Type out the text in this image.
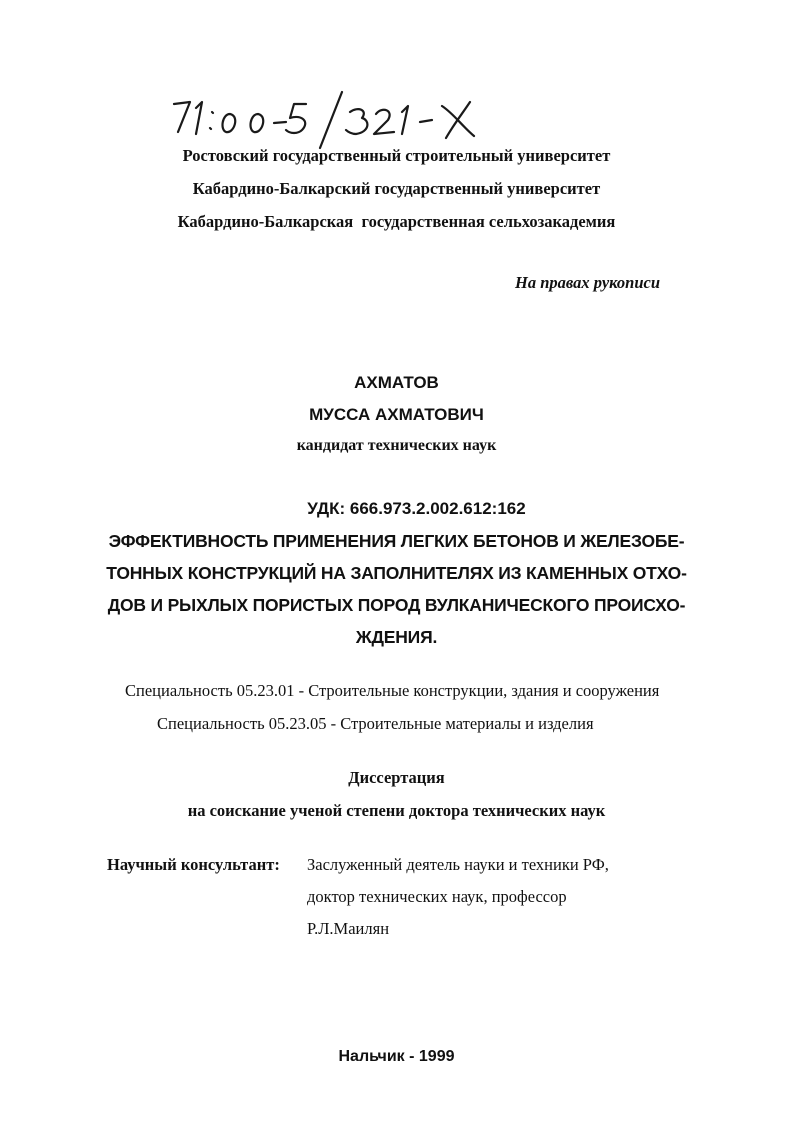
Ростовский государственный строительный университет
Кабардино-Балкарский государственный университет
Кабардино-Балкарская  государственная сельхозакадемия
На правах рукописи
АХМАТОВ
МУССА АХМАТОВИЧ
кандидат технических наук
УДК: 666.973.2.002.612:162
ЭФФЕКТИВНОСТЬ ПРИМЕНЕНИЯ ЛЕГКИХ БЕТОНОВ И ЖЕЛЕЗОБЕ-
ТОННЫХ КОНСТРУКЦИЙ НА ЗАПОЛНИТЕЛЯХ ИЗ КАМЕННЫХ ОТХО-
ДОВ И РЫХЛЫХ ПОРИСТЫХ ПОРОД ВУЛКАНИЧЕСКОГО ПРОИСХО-
ЖДЕНИЯ.
Специальность 05.23.01 - Строительные конструкции, здания и сооружения
Специальность 05.23.05 - Строительные материалы и изделия
Диссертация
на соискание ученой степени доктора технических наук
Научный консультант: Заслуженный деятель науки и техники РФ,
доктор технических наук, профессор
Р.Л.Маилян
Нальчик - 1999
